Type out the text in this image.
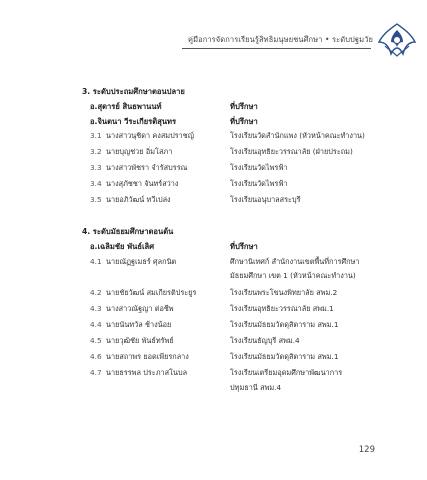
คู่มือการจัดการเรียนรู้สิทธิมนุษยชนศึกษา • ระดับปฐมวัย
3. ระดับประถมศึกษาตอนปลาย
อ.สุดารย์ สินธพานนท์	ที่ปรึกษา
อ.จินตนา วีระเกียรติสุนทร	ที่ปรึกษา
3.1 นางสาวนุชิดา คงสมปราชญ์	โรงเรียนวัดสำนักแพง (หัวหน้าคณะทำงาน)
3.2 นายบุญช่วย อิ่มโสภา	โรงเรียนอุทธิยะวรรณาลัย (ฝ่ายประถม)
3.3 นางสาวพัชรา จำรัสบรรณ	โรงเรียนวัดไพรฟ้า
3.4 นางสุภัชชา จันทร์สว่าง	โรงเรียนวัดไพรฟ้า
3.5 นายอภิวัฒน์ ทวีเปล่ง	โรงเรียนอนุบาลสระบุรี
4. ระดับมัธยมศึกษาตอนต้น
อ.เฉลิมชัย พันธ์เลิศ	ที่ปรึกษา
4.1 นายณัฏฐเมธร์ ศุลกนิต	ศึกษานิเทศก์ สำนักงานเขตพื้นที่การศึกษา
มัธยมศึกษา เขต 1 (หัวหน้าคณะทำงาน)
4.2 นายชัยวัฒน์ สมเกียรติประยูร	โรงเรียนพระโขนงพิทยาลัย สพม.2
4.3 นางสาวณัฐญา ต่อชีพ	โรงเรียนอุทธิยะวรรณาลัย สพม.1
4.4 นายนันทวัล ช้างน้อย	โรงเรียนมัธยมวัดดุสิตาราม สพม.1
4.5 นายวุฒิชัย พันธ์ทรัพย์	โรงเรียนธัญบุรี สพม.4
4.6 นายสถาพร ยอดเพียรกลาง	โรงเรียนมัธยมวัดดุสิตาราม สพม.1
4.7 นายธรรพล ประภาสโนบล	โรงเรียนเตรียมอุดมศึกษาพัฒนาการ
ปทุมธานี สพม.4
129
